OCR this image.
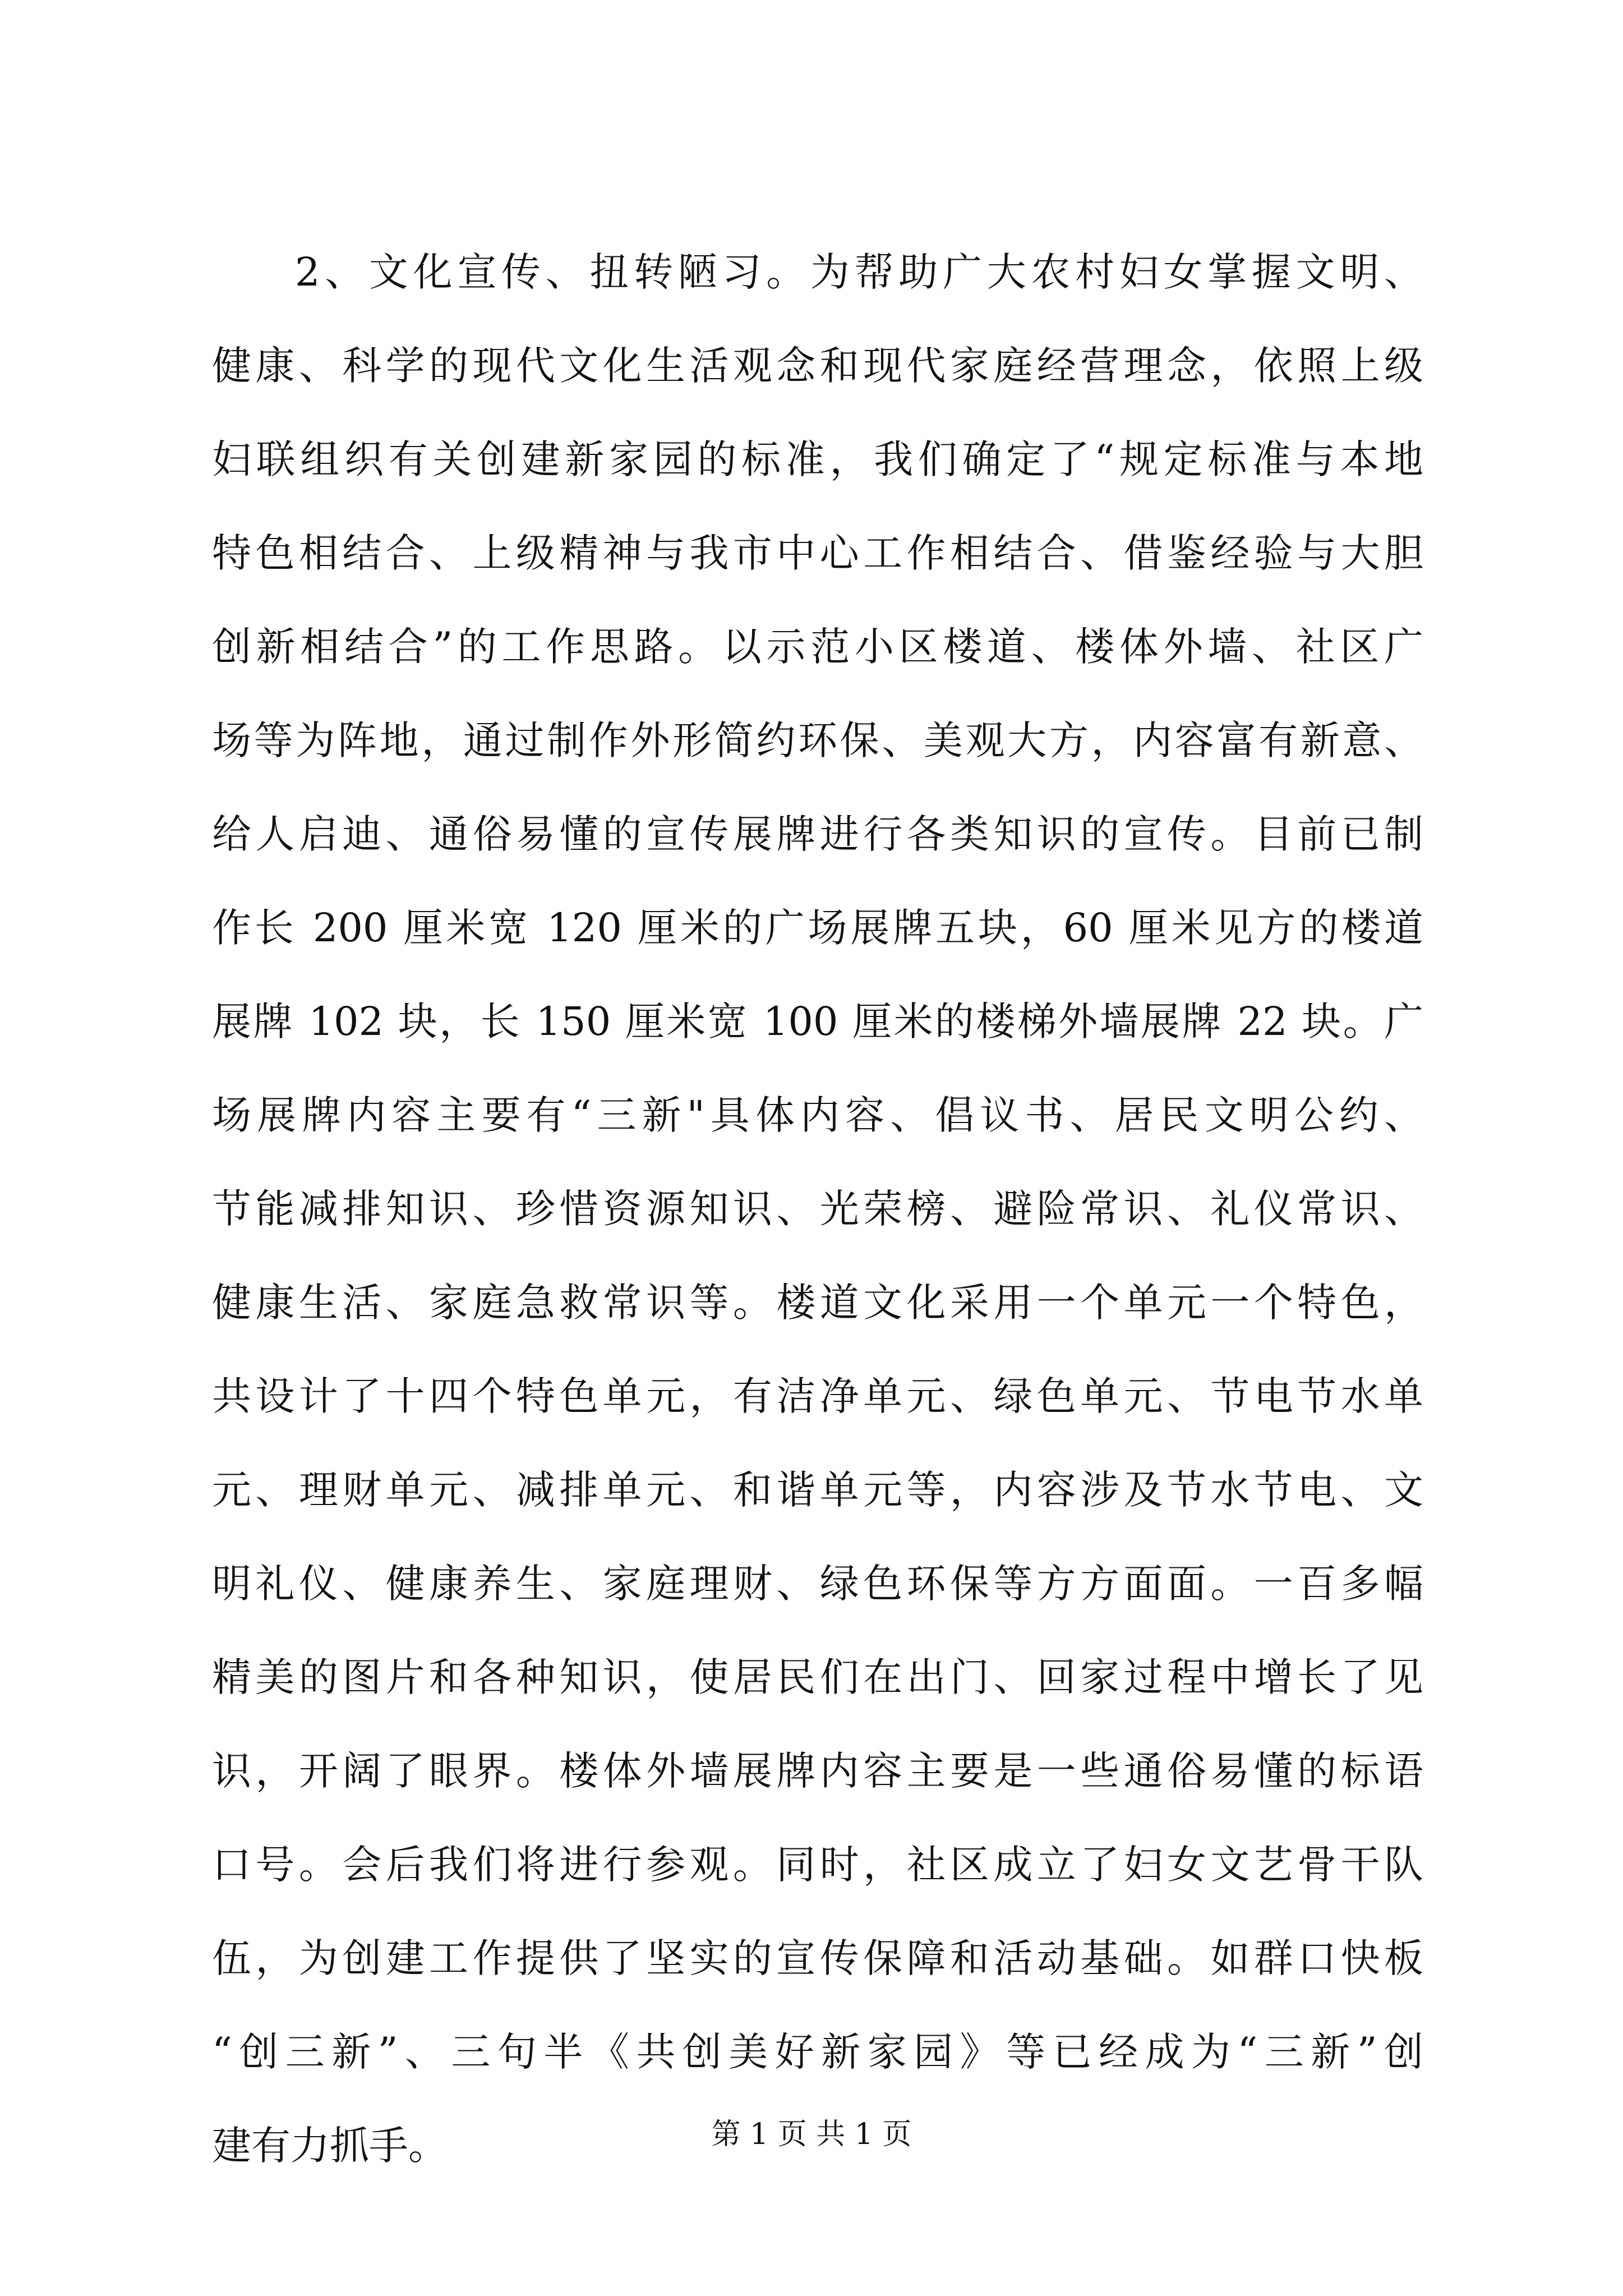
2、文化宣传、扭转陋习。为帮助广大农村妇女掌握文明、
健康、科学的现代文化生活观念和现代家庭经营理念，依照上级
妇联组织有关创建新家园的标准，我们确定了“规定标准与本地
特色相结合、上级精神与我市中心工作相结合、借鉴经验与大胆
创新相结合”的工作思路。以示范小区楼道、楼体外墙、社区广
场等为阵地，通过制作外形简约环保、美观大方，内容富有新意、
给人启迪、通俗易懂的宣传展牌进行各类知识的宣传。目前已制
作长 200 厘米宽 120 厘米的广场展牌五块，60 厘米见方的楼道
展牌 102 块，长 150 厘米宽 100 厘米的楼梯外墙展牌 22 块。广
场展牌内容主要有“三新"具体内容、倡议书、居民文明公约、
节能减排知识、珍惜资源知识、光荣榜、避险常识、礼仪常识、
健康生活、家庭急救常识等。楼道文化采用一个单元一个特色，
共设计了十四个特色单元，有洁净单元、绿色单元、节电节水单
元、理财单元、减排单元、和谐单元等，内容涉及节水节电、文
明礼仪、健康养生、家庭理财、绿色环保等方方面面。一百多幅
精美的图片和各种知识，使居民们在出门、回家过程中增长了见
识，开阔了眼界。楼体外墙展牌内容主要是一些通俗易懂的标语
口号。会后我们将进行参观。同时，社区成立了妇女文艺骨干队
伍，为创建工作提供了坚实的宣传保障和活动基础。如群口快板
“创三新”、三句半《共创美好新家园》等已经成为“三新”创
建有力抓手。	第 1 页 共 1 页
